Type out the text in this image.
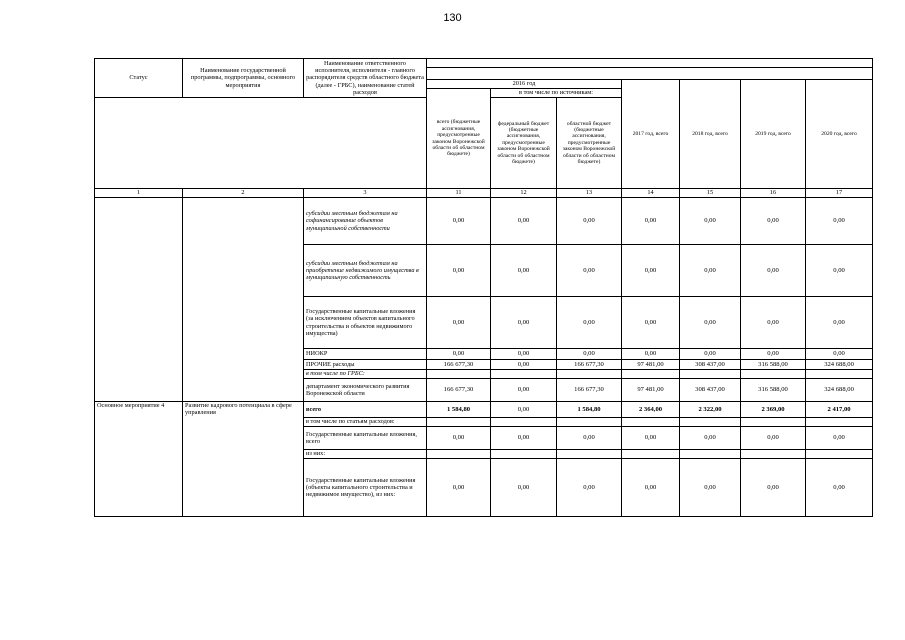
130
Статус	Наименование государственной программы, подпрограммы, основного мероприятия	Наименование ответственного исполнителя, исполнителя - главного распорядителя средств областного бюджета (далее - ГРБС), наименование статей расходов							

			2016 год			2017 год, всего	2018 год, всего	2019 год, всего	2020 год, всего
			всего (бюджетные ассигнования, предусмотренные законом Воронежской области об областном бюджете)	в том числе по источникам:					
				федеральный бюджет (бюджетные ассигнования, предусмотренные законом Воронежской области об областном бюджете)	областной бюджет (бюджетные ассигнования, предусмотренные законом Воронежской области об областном бюджете)				
1	2	3	11	12	13	14	15	16	17
		субсидии местным бюджетам на софинансирование объектов муниципальной собственности	0,00	0,00	0,00	0,00	0,00	0,00	0,00
		субсидии местным бюджетам на приобретение недвижимого имущества в муниципальную собственность	0,00	0,00	0,00	0,00	0,00	0,00	0,00
		Государственные капитальные вложения (за исключением объектов капитального строительства и объектов недвижимого имущества)	0,00	0,00	0,00	0,00	0,00	0,00	0,00
		НИОКР	0,00	0,00	0,00	0,00	0,00	0,00	0,00
		ПРОЧИЕ расходы	166 677,30	0,00	166 677,30	97 481,00	308 437,00	316 588,00	324 688,00
		в том числе по ГРБС:							
		департамент экономического развития Воронежской области	166 677,30	0,00	166 677,30	97 481,00	308 437,00	316 588,00	324 688,00
Основное мероприятие 4	Развитие кадрового потенциала в сфере управления	всего	1 584,80	0,00	1 584,80	2 364,00	2 322,00	2 369,00	2 417,00
		в том числе по статьям расходов:							
		Государственные капитальные вложения, всего	0,00	0,00	0,00	0,00	0,00	0,00	0,00
		из них:							
		Государственные капитальные вложения (объекты капитального строительства и недвижимое имущество), из них:	0,00	0,00	0,00	0,00	0,00	0,00	0,00
